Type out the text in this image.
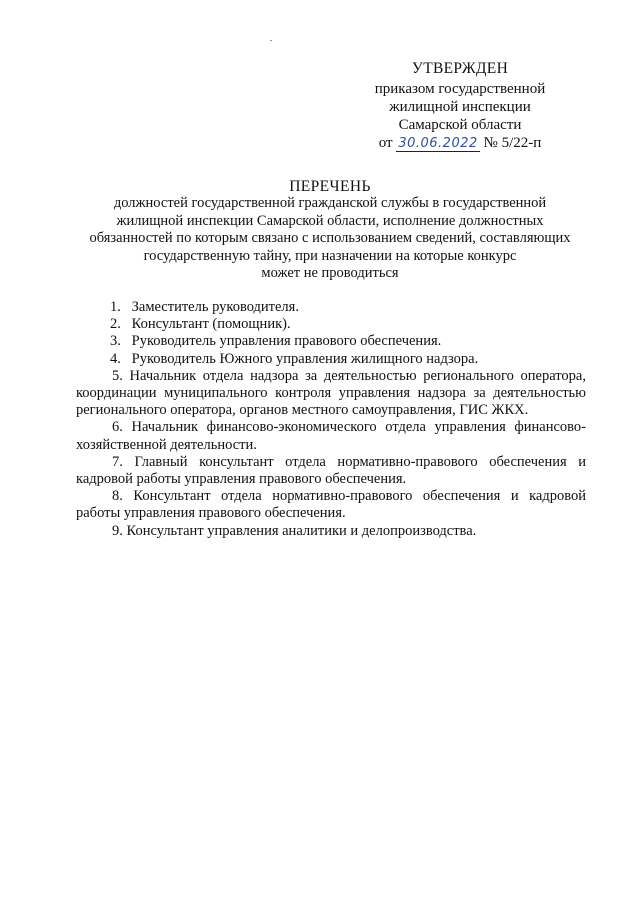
УТВЕРЖДЕН
приказом государственной
жилищной инспекции
Самарской области
от 30.06.2022 № 5/22-п
ПЕРЕЧЕНЬ
должностей государственной гражданской службы в государственной
жилищной инспекции Самарской области, исполнение должностных
обязанностей по которым связано с использованием сведений, составляющих
государственную тайну, при назначении на которые конкурс
может не проводиться
1. Заместитель руководителя.
2. Консультант (помощник).
3. Руководитель управления правового обеспечения.
4. Руководитель Южного управления жилищного надзора.
5. Начальник отдела надзора за деятельностью регионального оператора, координации муниципального контроля управления надзора за деятельностью регионального оператора, органов местного самоуправления, ГИС ЖКХ.
6. Начальник финансово-экономического отдела управления финансово-хозяйственной деятельности.
7. Главный консультант отдела нормативно-правового обеспечения и кадровой работы управления правового обеспечения.
8. Консультант отдела нормативно-правового обеспечения и кадровой работы управления правового обеспечения.
9. Консультант управления аналитики и делопроизводства.
